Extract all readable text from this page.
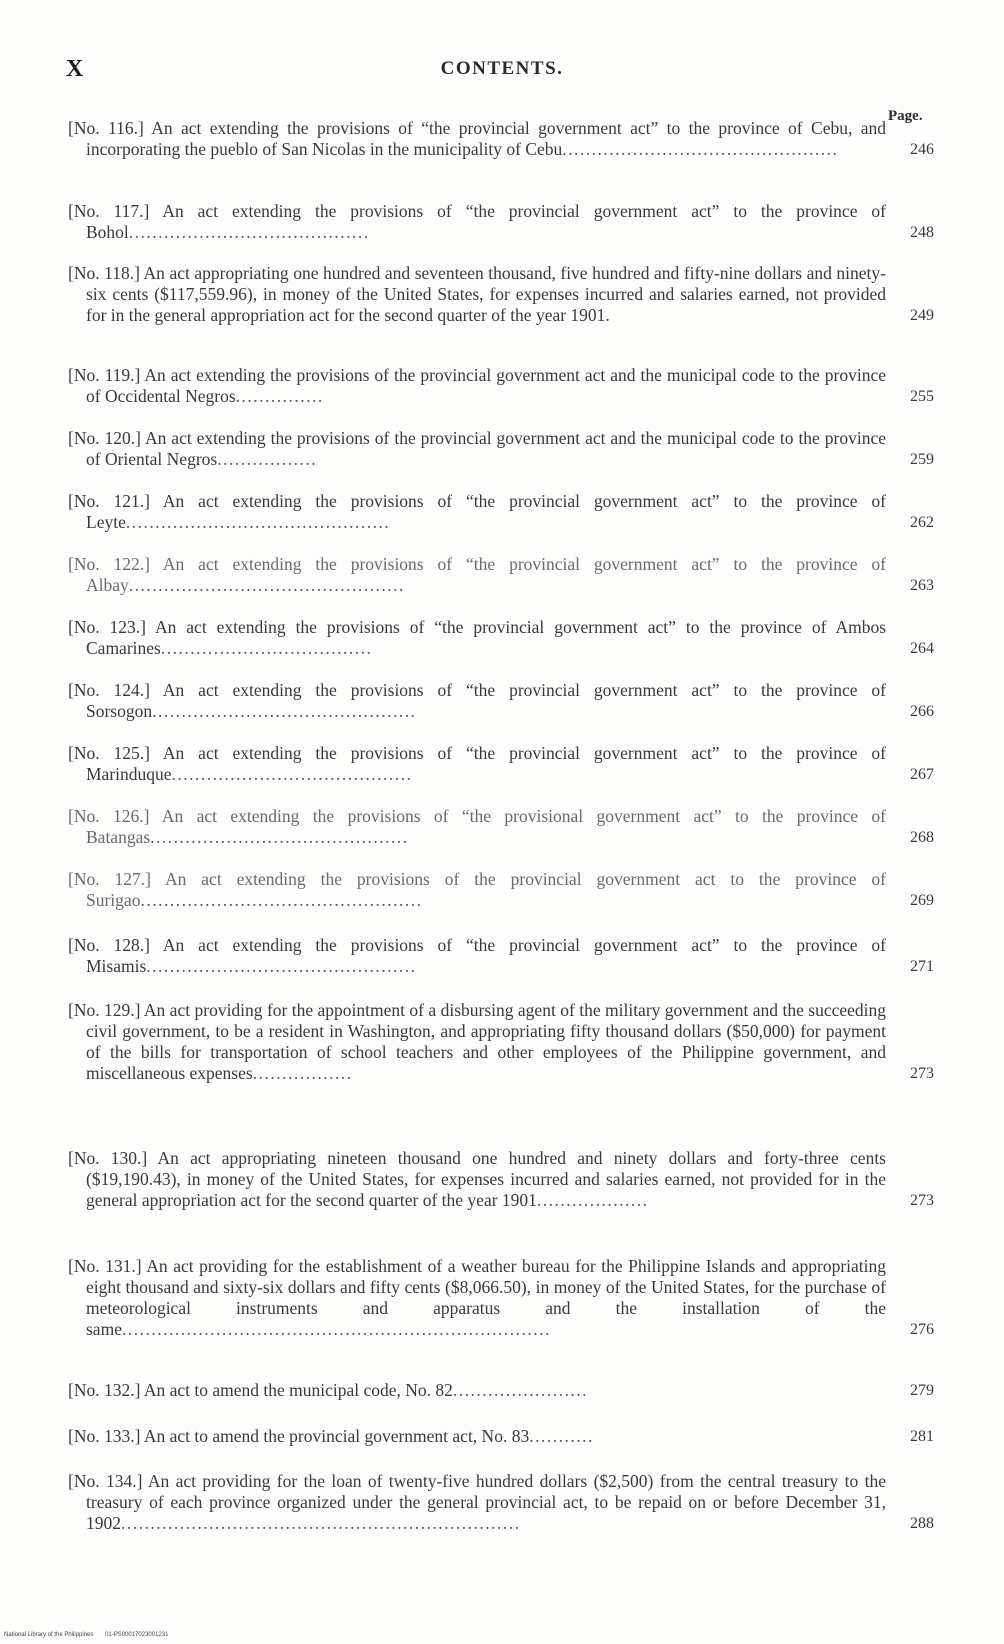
X	CONTENTS.
Page.
[No. 116.] An act extending the provisions of “the provincial government act” to the province of Cebu, and incorporating the pueblo of San Nicolas in the municipality of Cebu...............................................	246
[No. 117.] An act extending the provisions of “the provincial government act” to the province of Bohol.........................................	248
[No. 118.] An act appropriating one hundred and seventeen thousand, five hundred and fifty-nine dollars and ninety-six cents ($117,559.96), in money of the United States, for expenses incurred and salaries earned, not provided for in the general appropriation act for the second quarter of the year 1901.	249
[No. 119.] An act extending the provisions of the provincial government act and the municipal code to the province of Occidental Negros...............	255
[No. 120.] An act extending the provisions of the provincial government act and the municipal code to the province of Oriental Negros.................	259
[No. 121.] An act extending the provisions of “the provincial government act” to the province of Leyte.............................................	262
[No. 122.] An act extending the provisions of “the provincial government act” to the province of Albay...............................................	263
[No. 123.] An act extending the provisions of “the provincial government act” to the province of Ambos Camarines....................................	264
[No. 124.] An act extending the provisions of “the provincial government act” to the province of Sorsogon.............................................	266
[No. 125.] An act extending the provisions of “the provincial government act” to the province of Marinduque.........................................	267
[No. 126.] An act extending the provisions of “the provisional government act” to the province of Batangas............................................	268
[No. 127.] An act extending the provisions of the provincial government act to the province of Surigao................................................	269
[No. 128.] An act extending the provisions of “the provincial government act” to the province of Misamis..............................................	271
[No. 129.] An act providing for the appointment of a disbursing agent of the military government and the succeeding civil government, to be a resident in Washington, and appropriating fifty thousand dollars ($50,000) for payment of the bills for transportation of school teachers and other employees of the Philippine government, and miscellaneous expenses.................	273
[No. 130.] An act appropriating nineteen thousand one hundred and ninety dollars and forty-three cents ($19,190.43), in money of the United States, for expenses incurred and salaries earned, not provided for in the general appropriation act for the second quarter of the year 1901...................	273
[No. 131.] An act providing for the establishment of a weather bureau for the Philippine Islands and appropriating eight thousand and sixty-six dollars and fifty cents ($8,066.50), in money of the United States, for the purchase of meteorological instruments and apparatus and the installation of the same.........................................................................	276
[No. 132.] An act to amend the municipal code, No. 82.......................	279
[No. 133.] An act to amend the provincial government act, No. 83...........	281
[No. 134.] An act providing for the loan of twenty-five hundred dollars ($2,500) from the central treasury to the treasury of each province organized under the general provincial act, to be repaid on or before December 31, 1902....................................................................	288
National Library of the Philippines 01-PS00017023001231
